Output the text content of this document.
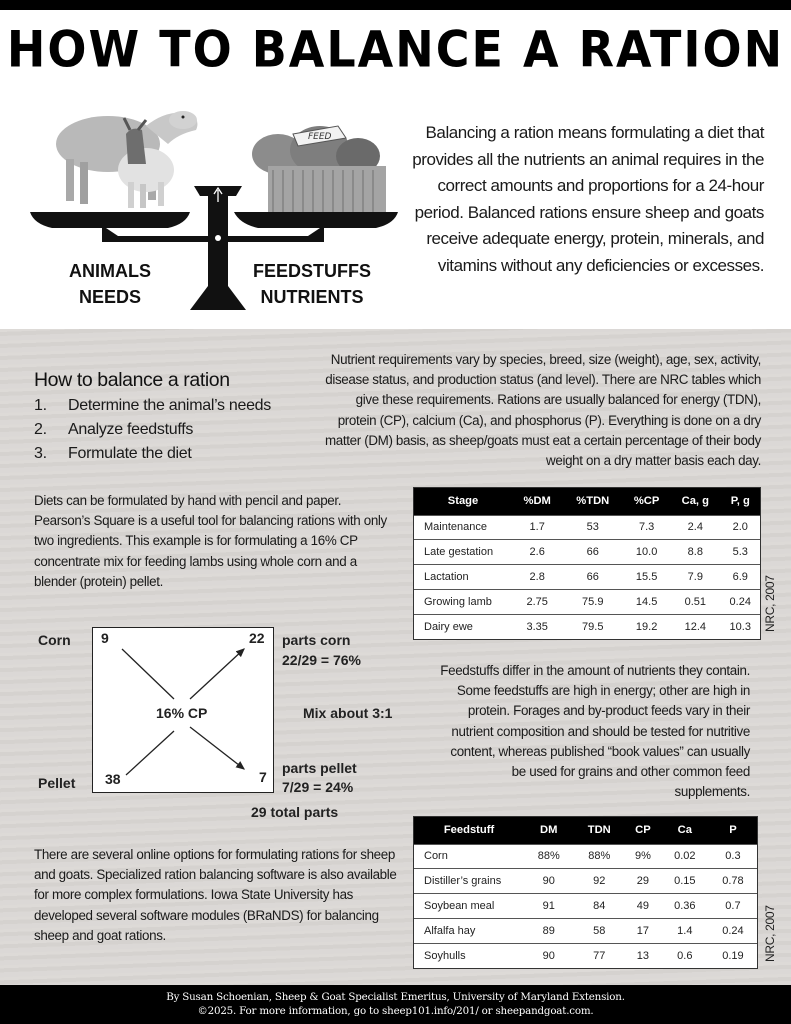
HOW TO BALANCE A RATION
FEED
ANIMALS
NEEDS
FEEDSTUFFS
NUTRIENTS

Balancing a ration means formulating a diet that provides all the nutrients an animal requires in the correct amounts and proportions for a 24-hour period. Balanced rations ensure sheep and goats receive adequate energy, protein, minerals, and vitamins without any deficiencies or excesses.

How to balance a ration
1. Determine the animal’s needs
2. Analyze feedstuffs
3. Formulate the diet

Nutrient requirements vary by species, breed, size (weight), age, sex, activity, disease status, and production status (and level). There are NRC tables which give these requirements. Rations are usually balanced for energy (TDN), protein (CP), calcium (Ca), and phosphorus (P). Everything is done on a dry matter (DM) basis, as sheep/goats must eat a certain percentage of their body weight on a dry matter basis each day.

Diets can be formulated by hand with pencil and paper. Pearson’s Square is a useful tool for balancing rations with only two ingredients. This example is for formulating a 16% CP concentrate mix for feeding lambs using whole corn and a blender (protein) pellet.

Stage	%DM	%TDN	%CP	Ca, g	P, g
Maintenance	1.7	53	7.3	2.4	2.0
Late gestation	2.6	66	10.0	8.8	5.3
Lactation	2.8	66	15.5	7.9	6.9
Growing lamb	2.75	75.9	14.5	0.51	0.24
Dairy ewe	3.35	79.5	19.2	12.4	10.3 NRC, 2007
Corn
Pellet
9
38
16% CP
22
7
parts corn
22/29 = 76%
Mix about 3:1
parts pellet
7/29 = 24%
29 total parts

Feedstuffs differ in the amount of nutrients they contain. Some feedstuffs are high in energy; other are high in protein. Forages and by-product feeds vary in their nutrient composition and should be tested for nutritive content, whereas published “book values” can usually be used for grains and other common feed supplements.

Feedstuff	DM	TDN	CP	Ca	P
Corn	88%	88%	9%	0.02	0.3
Distiller’s grains	90	92	29	0.15	0.78
Soybean meal	91	84	49	0.36	0.7
Alfalfa hay	89	58	17	1.4	0.24
Soyhulls	90	77	13	0.6	0.19 NRC, 2007

There are several online options for formulating rations for sheep and goats. Specialized ration balancing software is also available for more complex formulations. Iowa State University has developed several software modules (BRaNDS) for balancing sheep and goat rations.

By Susan Schoenian, Sheep & Goat Specialist Emeritus, University of Maryland Extension.
©2025. For more information, go to sheep101.info/201/ or sheepandgoat.com.
